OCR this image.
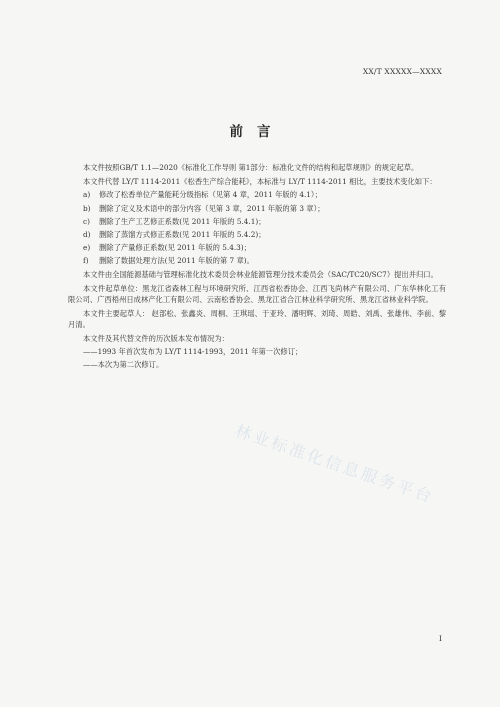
XX/T XXXXX—XXXX
前言

本文件按照GB/T 1.1—2020《标准化工作导则 第1部分：标准化文件的结构和起草规则》的规定起草。

本文件代替 LY/T 1114-2011《松香生产综合能耗》，本标准与 LY/T 1114-2011 相比，主要技术变化如下：

a) 修改了松香单位产量能耗分级指标（见第 4 章，2011 年版的 4.1）；
b) 删除了定义及术语中的部分内容（见第 3 章，2011 年版的第 3 章）；
c) 删除了生产工艺修正系数(见 2011 年版的 5.4.1)；
d) 删除了蒸馏方式修正系数(见 2011 年版的 5.4.2)；
e) 删除了产量修正系数(见 2011 年版的 5.4.3)；
f) 删除了数据处理方法(见 2011 年版的第 7 章)。

本文件由全国能源基础与管理标准化技术委员会林业能源管理分技术委员会（SAC/TC20/SC7）提出并归口。

本文件起草单位：黑龙江省森林工程与环境研究所、江西省松香协会、江西飞尚林产有限公司、广东华林化工有限公司、广西梧州日成林产化工有限公司、云南松香协会、黑龙江省合江林业科学研究所、黑龙江省林业科学院。

本文件主要起草人： 赵部松、张鑫炎、周桐、王琪瑶、于亚玲、潘明辉、刘琦、周皓、刘禹、张雄伟、李前、黎月清。

本文件及其代替文件的历次版本发布情况为：

——1993 年首次发布为 LY/T 1114-1993，2011 年第一次修订；
——本次为第二次修订。
林业标准化信息服务平台
I
